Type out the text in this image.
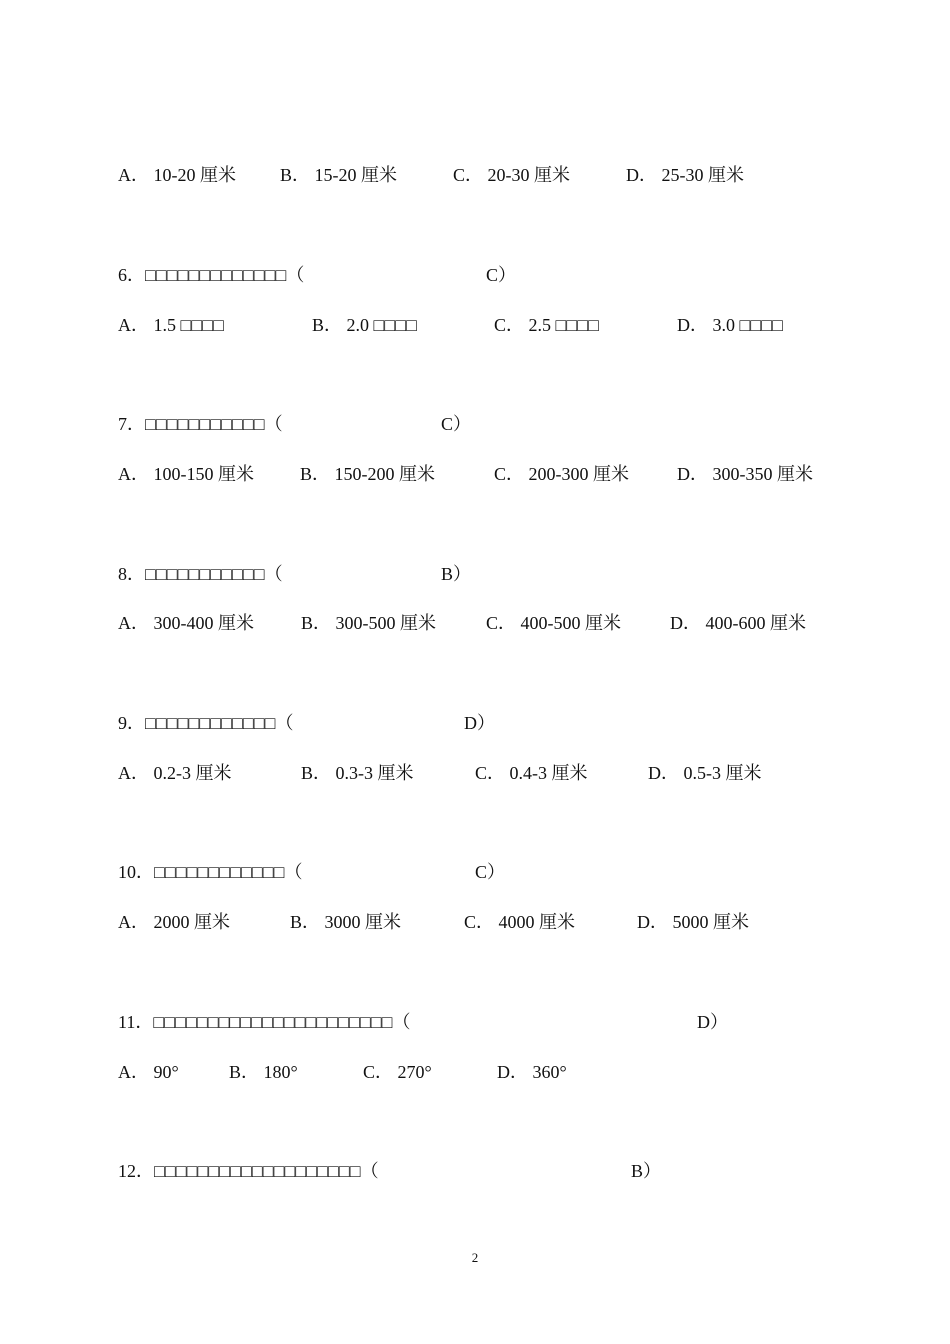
A． 10-20 厘米 B． 15-20 厘米	C． 20-30 厘米	D． 25-30 厘米
6．□□□□□□□□□□□□□（	C）
A． 1.5 □□□□	B． 2.0 □□□□	C． 2.5 □□□□	D． 3.0 □□□□
7．□□□□□□□□□□□（	C）
A． 100-150 厘米	B． 150-200 厘米	C． 200-300 厘米	D． 300-350 厘米
8．□□□□□□□□□□□（	B）
A． 300-400 厘米	B． 300-500 厘米	C． 400-500 厘米	D． 400-600 厘米
9．□□□□□□□□□□□□（	D）
A． 0.2-3 厘米	B． 0.3-3 厘米	C． 0.4-3 厘米	D． 0.5-3 厘米
10．□□□□□□□□□□□□（	C）
A． 2000 厘米	B． 3000 厘米	C． 4000 厘米	D． 5000 厘米
11．□□□□□□□□□□□□□□□□□□□□□□（	D）
A． 90°	B． 180°	C． 270°	D． 360°
12．□□□□□□□□□□□□□□□□□□□（	B）
2
